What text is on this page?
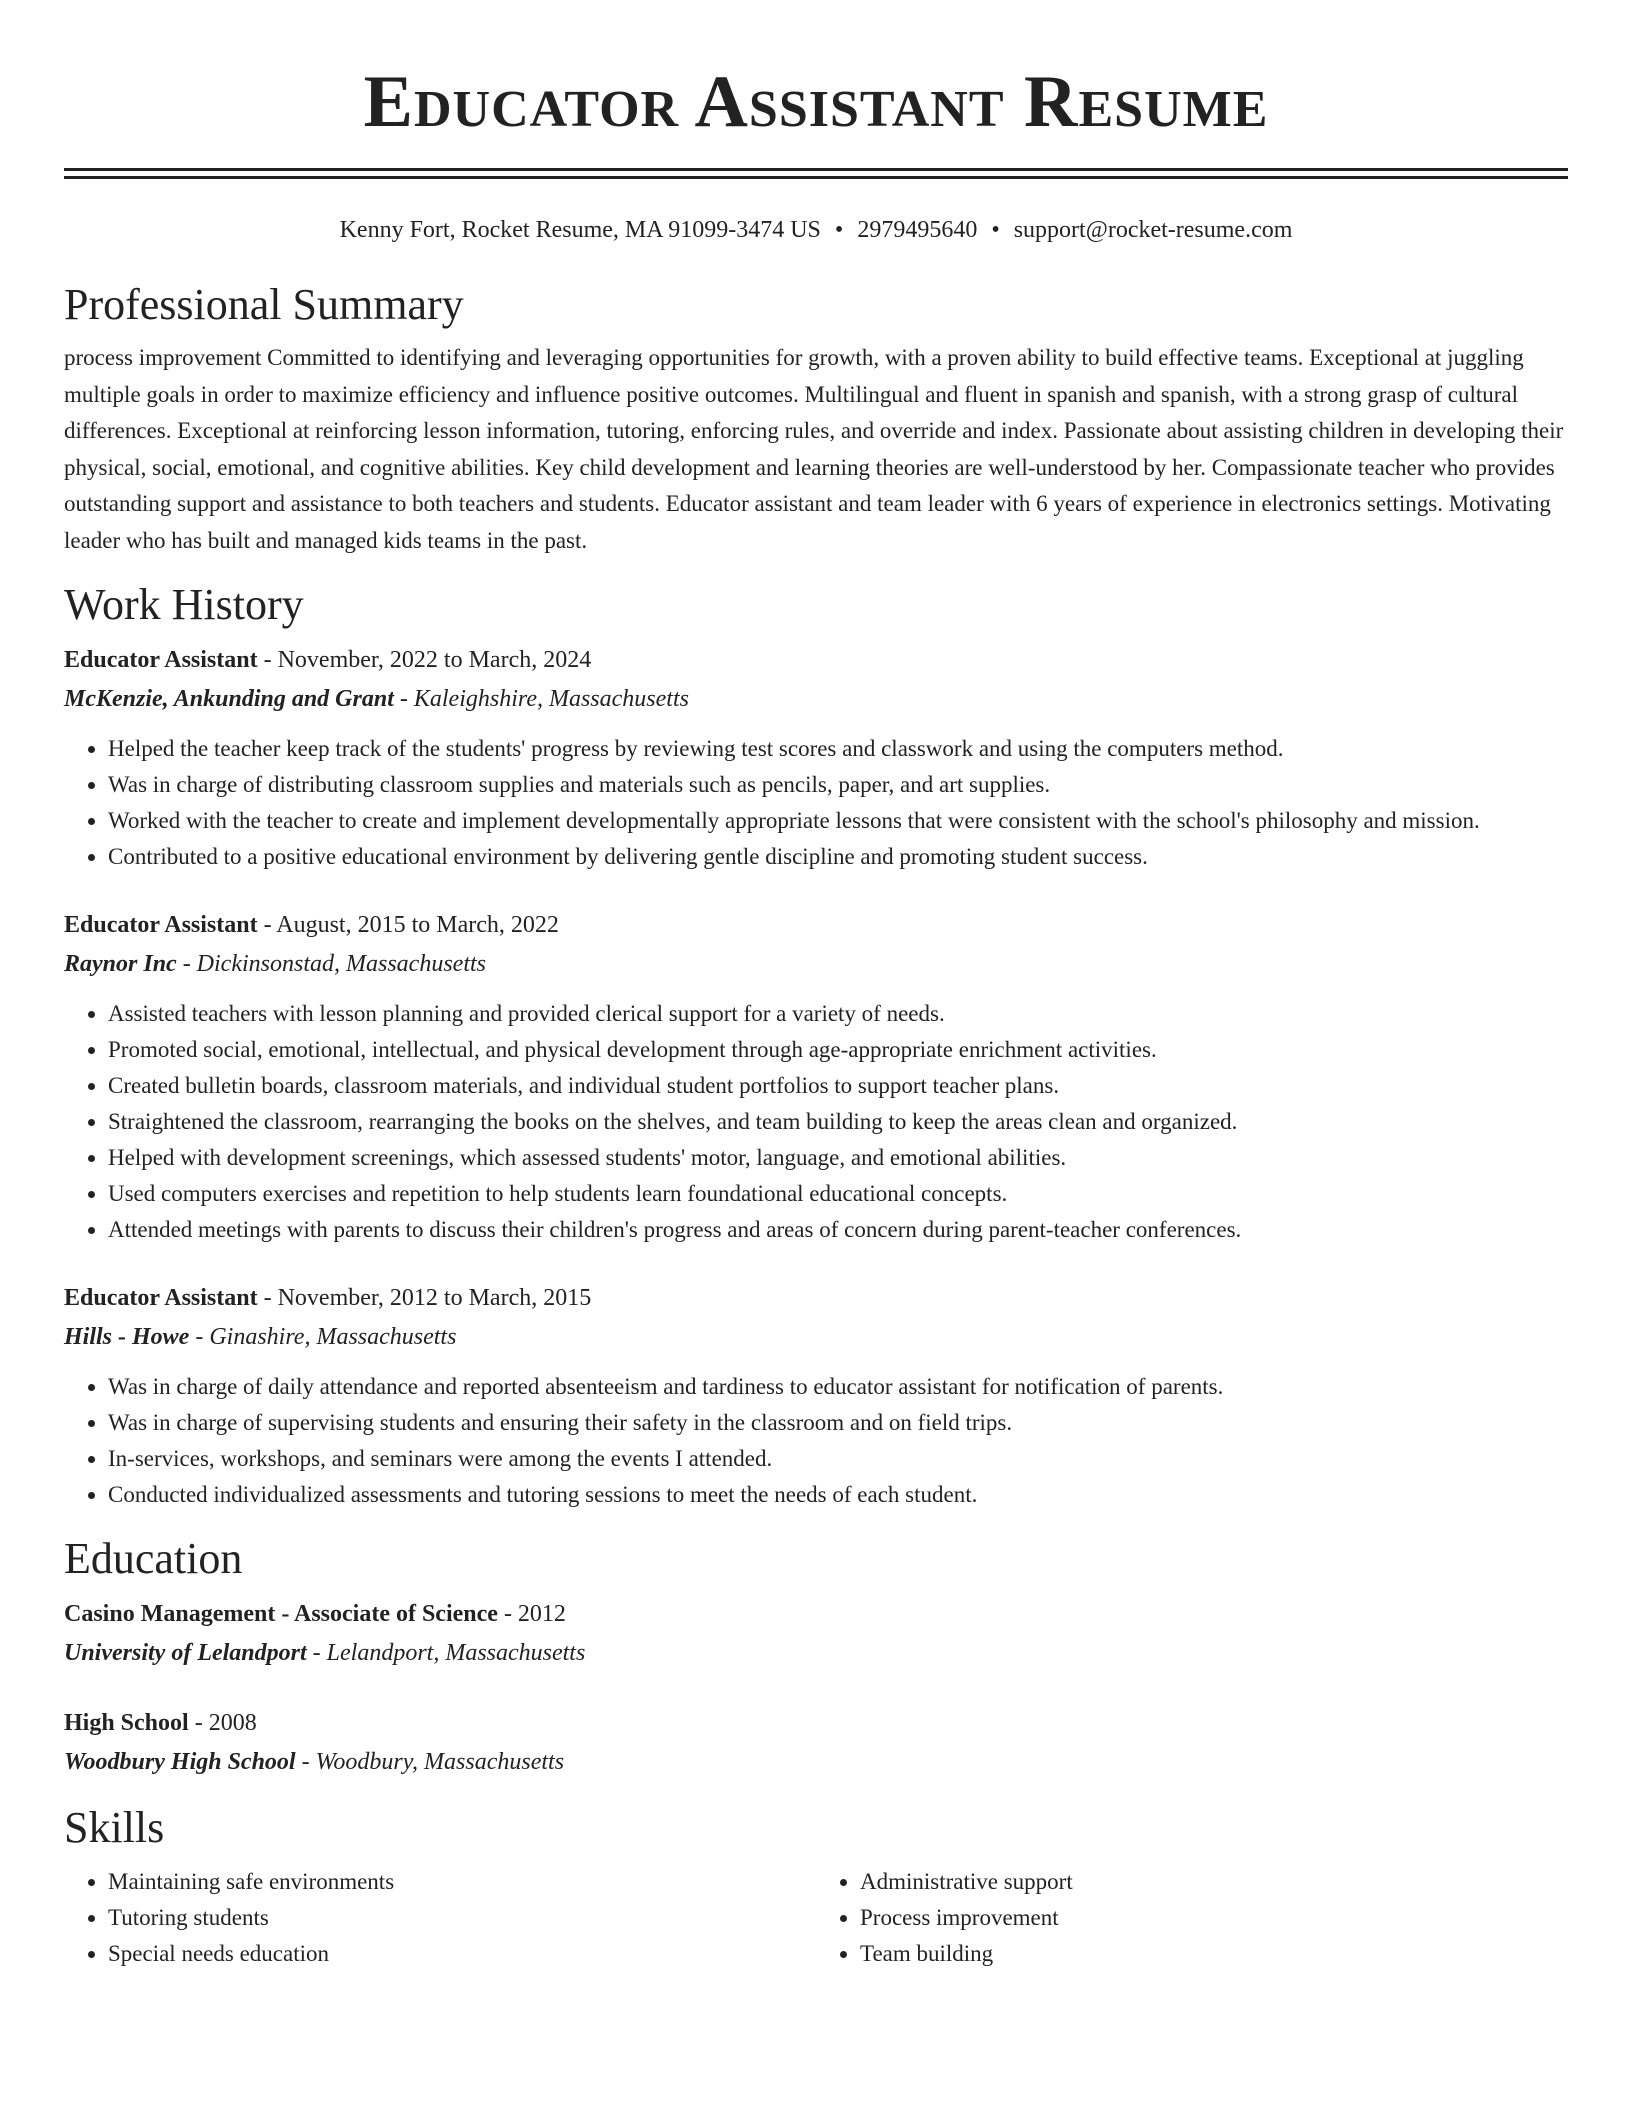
Educator Assistant Resume
Kenny Fort, Rocket Resume, MA 91099-3474 US • 2979495640 • support@rocket-resume.com
Professional Summary

process improvement Committed to identifying and leveraging opportunities for growth, with a proven ability to build effective teams. Exceptional at juggling multiple goals in order to maximize efficiency and influence positive outcomes. Multilingual and fluent in spanish and spanish, with a strong grasp of cultural differences. Exceptional at reinforcing lesson information, tutoring, enforcing rules, and override and index. Passionate about assisting children in developing their physical, social, emotional, and cognitive abilities. Key child development and learning theories are well-understood by her. Compassionate teacher who provides outstanding support and assistance to both teachers and students. Educator assistant and team leader with 6 years of experience in electronics settings. Motivating leader who has built and managed kids teams in the past.

Work History
Educator Assistant - November, 2022 to March, 2024
McKenzie, Ankunding and Grant - Kaleighshire, Massachusetts
• Helped the teacher keep track of the students' progress by reviewing test scores and classwork and using the computers method.
• Was in charge of distributing classroom supplies and materials such as pencils, paper, and art supplies.
• Worked with the teacher to create and implement developmentally appropriate lessons that were consistent with the school's philosophy and mission.
• Contributed to a positive educational environment by delivering gentle discipline and promoting student success.
Educator Assistant - August, 2015 to March, 2022
Raynor Inc - Dickinsonstad, Massachusetts
• Assisted teachers with lesson planning and provided clerical support for a variety of needs.
• Promoted social, emotional, intellectual, and physical development through age-appropriate enrichment activities.
• Created bulletin boards, classroom materials, and individual student portfolios to support teacher plans.
• Straightened the classroom, rearranging the books on the shelves, and team building to keep the areas clean and organized.
• Helped with development screenings, which assessed students' motor, language, and emotional abilities.
• Used computers exercises and repetition to help students learn foundational educational concepts.
• Attended meetings with parents to discuss their children's progress and areas of concern during parent-teacher conferences.
Educator Assistant - November, 2012 to March, 2015
Hills - Howe - Ginashire, Massachusetts
• Was in charge of daily attendance and reported absenteeism and tardiness to educator assistant for notification of parents.
• Was in charge of supervising students and ensuring their safety in the classroom and on field trips.
• In-services, workshops, and seminars were among the events I attended.
• Conducted individualized assessments and tutoring sessions to meet the needs of each student.
Education
Casino Management - Associate of Science - 2012
University of Lelandport - Lelandport, Massachusetts
High School - 2008
Woodbury High School - Woodbury, Massachusetts
Skills
• Maintaining safe environments
• Tutoring students
• Special needs education
• Administrative support
• Process improvement
• Team building
